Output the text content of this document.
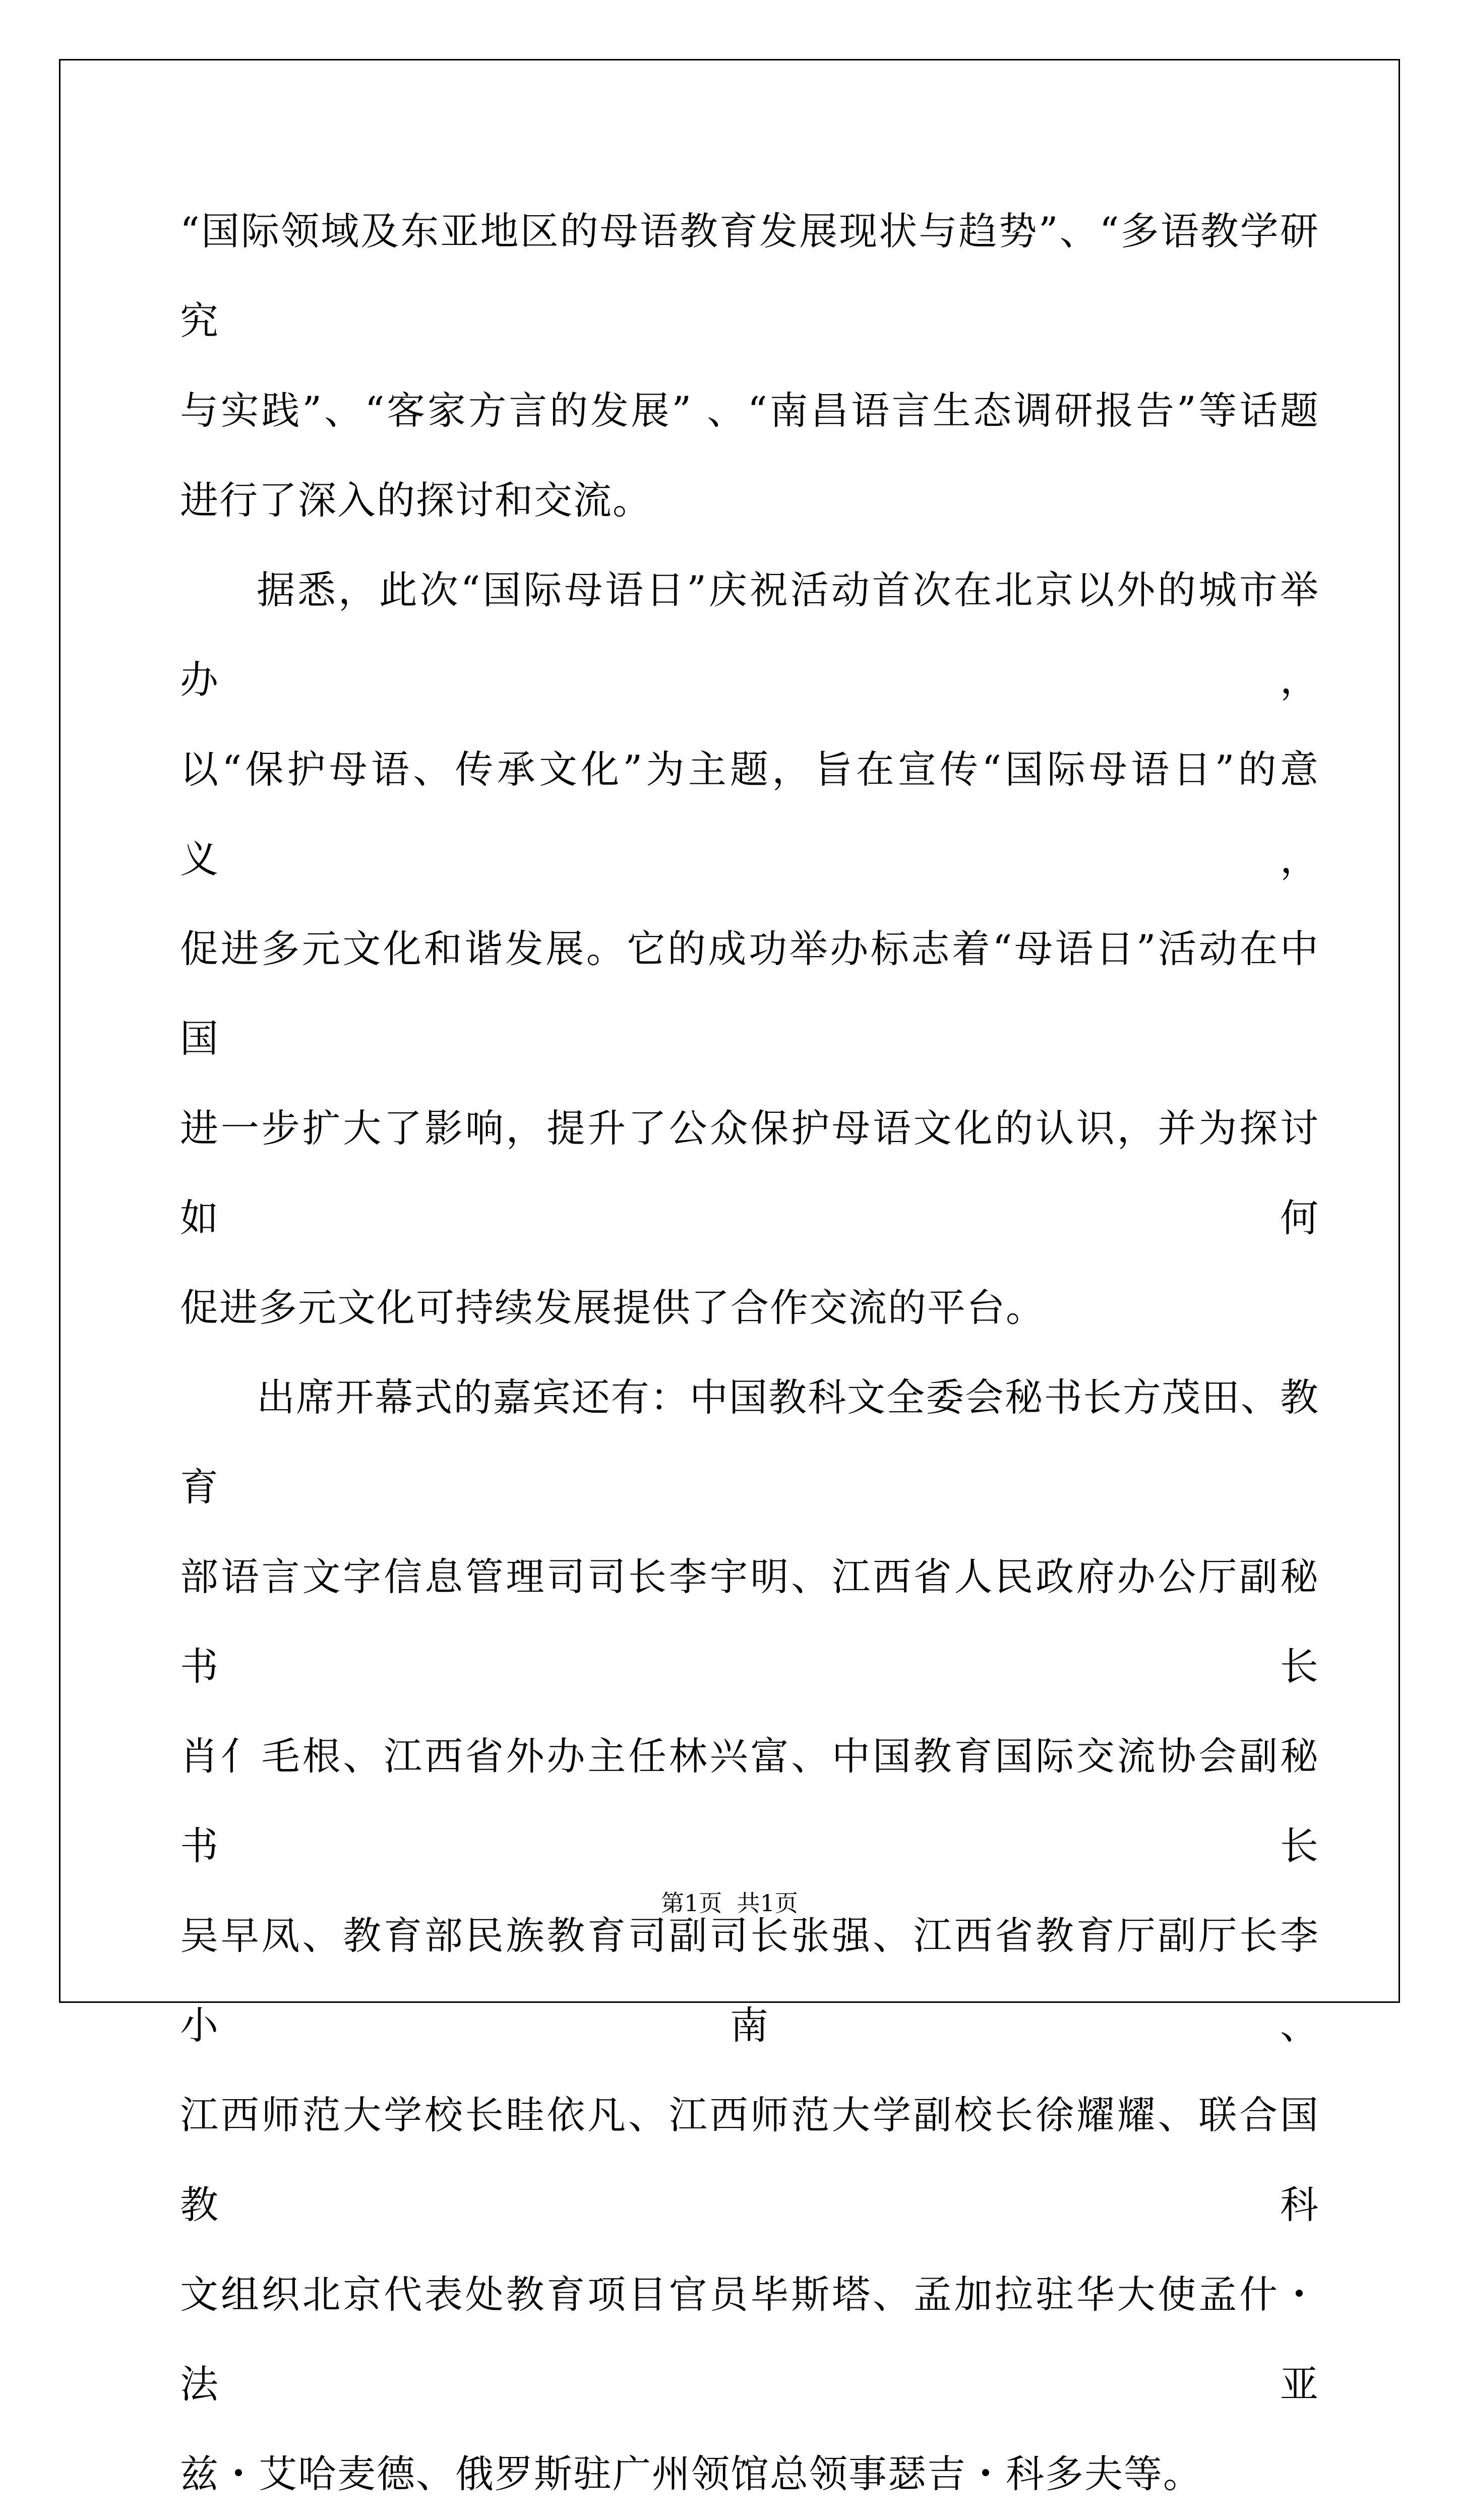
“国际领域及东亚地区的母语教育发展现状与趋势”、“多语教学研究

与实践”、“客家方言的发展” 、“南昌语言生态调研报告”等话题

进行了深入的探讨和交流。

据悉，此次“国际母语日”庆祝活动首次在北京以外的城市举办，

以“保护母语、传承文化”为主题，旨在宣传“国际母语日”的意义，

促进多元文化和谐发展。它的成功举办标志着“母语日”活动在中国

进一步扩大了影响，提升了公众保护母语文化的认识，并为探讨如何

促进多元文化可持续发展提供了合作交流的平台。

出席开幕式的嘉宾还有：中国教科文全委会秘书长方茂田、教育

部语言文字信息管理司司长李宇明、江西省人民政府办公厅副秘书长

肖亻毛根、江西省外办主任林兴富、中国教育国际交流协会副秘书长

吴早凤、教育部民族教育司副司长张强、江西省教育厅副厅长李小南、

江西师范大学校长眭依凡、江西师范大学副校长徐耀耀、联合国教科

文组织北京代表处教育项目官员毕斯塔、孟加拉驻华大使孟什・法亚

兹・艾哈麦德、俄罗斯驻广州领馆总领事瑟吉・科多夫等。

第1页  共1页
